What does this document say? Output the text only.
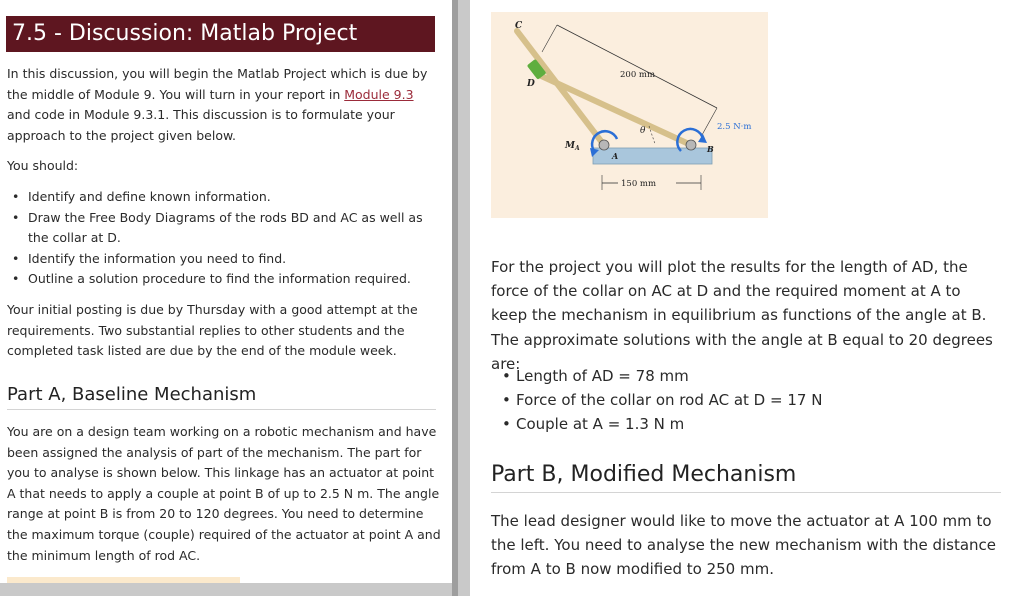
7.5 - Discussion: Matlab Project
In this discussion, you will begin the Matlab Project which is due by the middle of Module 9. You will turn in your report in Module 9.3 and code in Module 9.3.1. This discussion is to formulate your approach to the project given below.
You should:
• Identify and define known information.
• Draw the Free Body Diagrams of the rods BD and AC as well as the collar at D.
• Identify the information you need to find.
• Outline a solution procedure to find the information required.
Your initial posting is due by Thursday with a good attempt at the requirements. Two substantial replies to other students and the completed task listed are due by the end of the module week.
Part A, Baseline Mechanism
You are on a design team working on a robotic mechanism and have been assigned the analysis of part of the mechanism. The part for you to analyse is shown below. This linkage has an actuator at point A that needs to apply a couple at point B of up to 2.5 N m. The angle range at point B is from 20 to 120 degrees. You need to determine the maximum torque (couple) required of the actuator at point A and the minimum length of rod AC.
C
D
200 mm
θ	2.5 N·m
$M_A$
A
B
150 mm
For the project you will plot the results for the length of AD, the force of the collar on AC at D and the required moment at A to keep the mechanism in equilibrium as functions of the angle at B. The approximate solutions with the angle at B equal to 20 degrees are:
• Length of AD = 78 mm
• Force of the collar on rod AC at D = 17 N
• Couple at A = 1.3 N m
Part B, Modified Mechanism
The lead designer would like to move the actuator at A 100 mm to the left. You need to analyse the new mechanism with the distance from A to B now modified to 250 mm.
